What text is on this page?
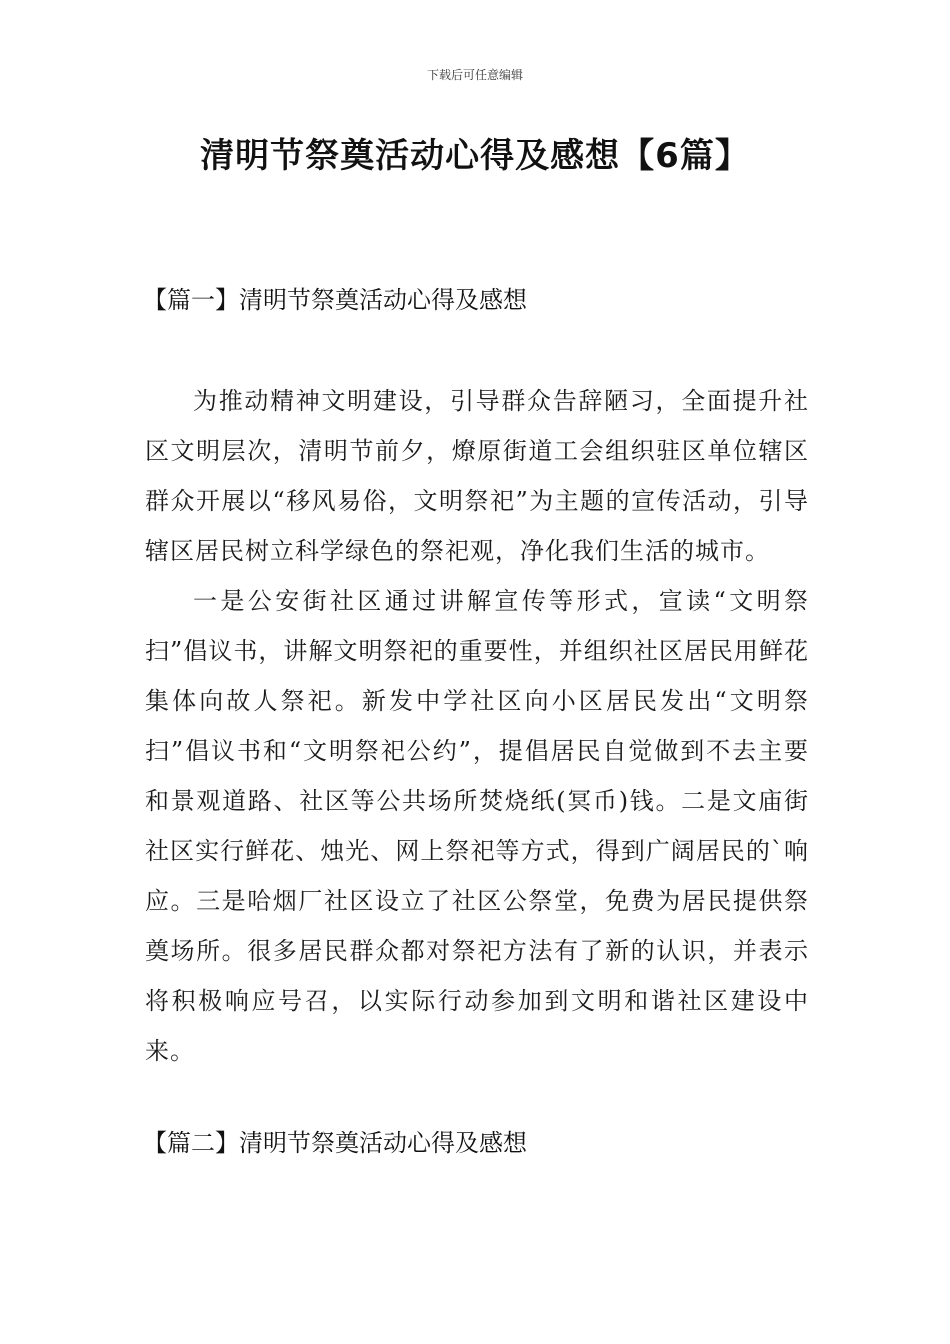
下载后可任意编辑
清明节祭奠活动心得及感想【6篇】
【篇一】清明节祭奠活动心得及感想

为推动精神文明建设，引导群众告辞陋习，全面提升社区文明层次，清明节前夕，燎原街道工会组织驻区单位辖区群众开展以“移风易俗，文明祭祀”为主题的宣传活动，引导辖区居民树立科学绿色的祭祀观，净化我们生活的城市。

一是公安街社区通过讲解宣传等形式，宣读“文明祭扫”倡议书，讲解文明祭祀的重要性，并组织社区居民用鲜花集体向故人祭祀。新发中学社区向小区居民发出“文明祭扫”倡议书和“文明祭祀公约”，提倡居民自觉做到不去主要和景观道路、社区等公共场所焚烧纸(冥币)钱。二是文庙街社区实行鲜花、烛光、网上祭祀等方式，得到广阔居民的`响应。三是哈烟厂社区设立了社区公祭堂，免费为居民提供祭奠场所。很多居民群众都对祭祀方法有了新的认识，并表示将积极响应号召，以实际行动参加到文明和谐社区建设中来。

【篇二】清明节祭奠活动心得及感想
